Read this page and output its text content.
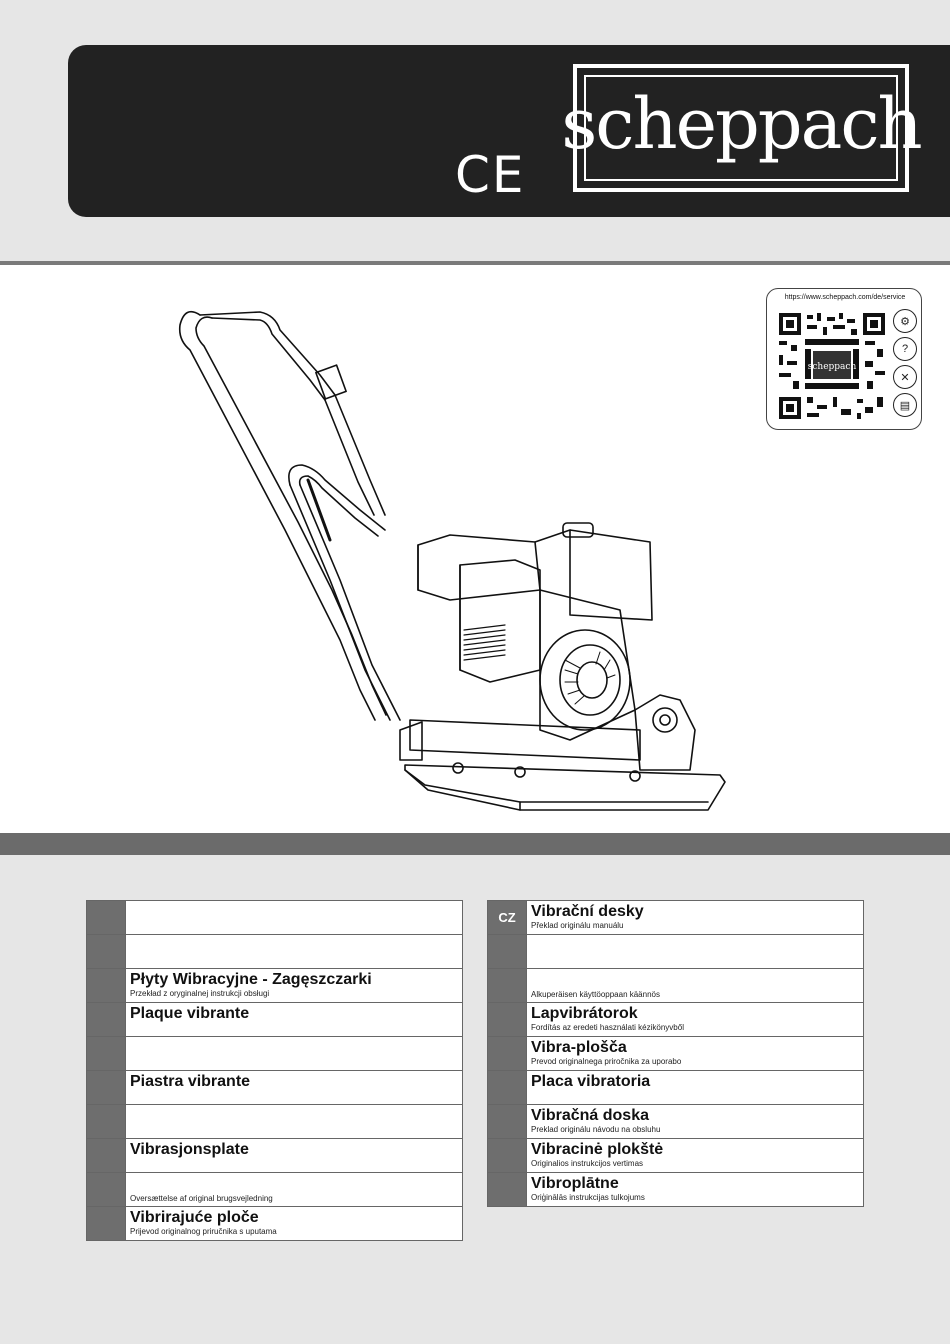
CE
scheppach
https://www.scheppach.com/de/service
scheppach
⚙
?
✕
▤

	Płyty Wibracyjne - Zagęszczarki
Przekład z oryginalnej instrukcji obsługi

	Plaque vibrante

	Piastra vibrante

	Vibrasjonsplate

	Oversættelse af original brugsvejledning

	Vibrirajuće ploče
Prijevod originalnog priručnika s uputama
CZ	Vibrační desky
Překlad originálu manuálu

	Alkuperäisen käyttöoppaan käännös

	Lapvibrátorok
Fordítás az eredeti használati kézikönyvből

	Vibra-plošča
Prevod originalnega priročnika za uporabo

	Placa vibratoria

	Vibračná doska
Preklad originálu návodu na obsluhu

	Vibracinė plokštė
Originalios instrukcijos vertimas

	Vibroplātne
Oriģinālās instrukcijas tulkojums
